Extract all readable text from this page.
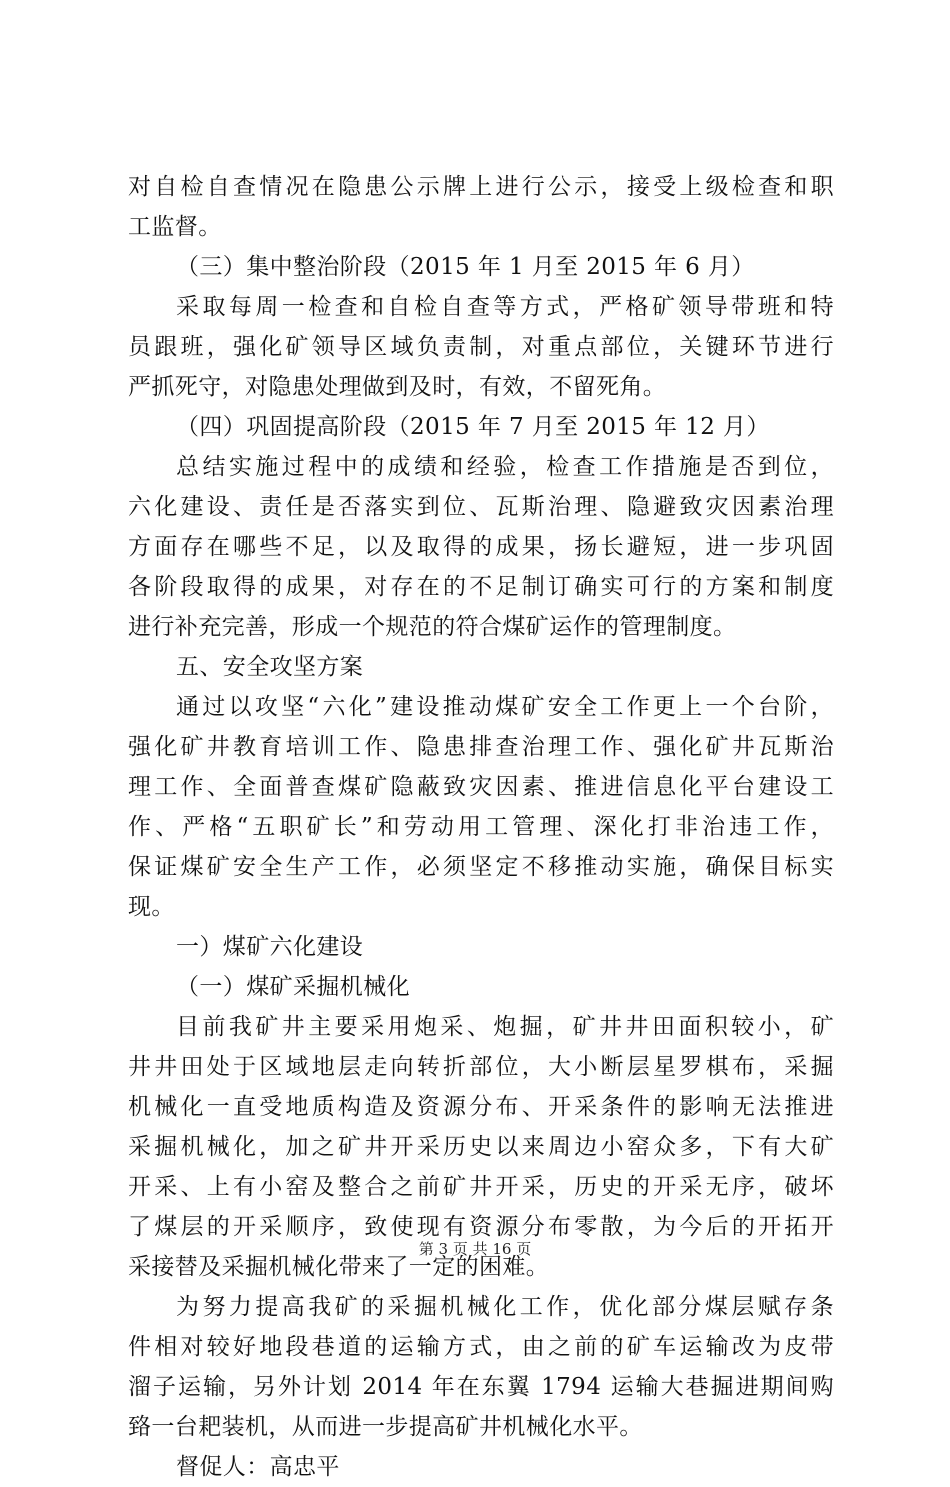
对自检自查情况在隐患公示牌上进行公示，接受上级检查和职
工监督。
（三）集中整治阶段（2015 年 1 月至 2015 年 6 月）
采取每周一检查和自检自查等方式，严格矿领导带班和特
员跟班，强化矿领导区域负责制，对重点部位，关键环节进行
严抓死守，对隐患处理做到及时，有效，不留死角。
（四）巩固提高阶段（2015 年 7 月至 2015 年 12 月）
总结实施过程中的成绩和经验，检查工作措施是否到位，
六化建设、责任是否落实到位、瓦斯治理、隐避致灾因素治理
方面存在哪些不足，以及取得的成果，扬长避短，进一步巩固
各阶段取得的成果，对存在的不足制订确实可行的方案和制度
进行补充完善，形成一个规范的符合煤矿运作的管理制度。
五、安全攻坚方案
通过以攻坚“六化”建设推动煤矿安全工作更上一个台阶，
强化矿井教育培训工作、隐患排查治理工作、强化矿井瓦斯治
理工作、全面普查煤矿隐蔽致灾因素、推进信息化平台建设工
作、严格“五职矿长”和劳动用工管理、深化打非治违工作，
保证煤矿安全生产工作，必须坚定不移推动实施，确保目标实
现。
一）煤矿六化建设
（一）煤矿采掘机械化
目前我矿井主要采用炮采、炮掘，矿井井田面积较小，矿
井井田处于区域地层走向转折部位，大小断层星罗棋布，采掘
机械化一直受地质构造及资源分布、开采条件的影响无法推进
采掘机械化，加之矿井开采历史以来周边小窑众多，下有大矿
开采、上有小窑及整合之前矿井开采，历史的开采无序，破坏
了煤层的开采顺序，致使现有资源分布零散，为今后的开拓开
采接替及采掘机械化带来了一定的困难。
为努力提高我矿的采掘机械化工作，优化部分煤层赋存条
件相对较好地段巷道的运输方式，由之前的矿车运输改为皮带
溜子运输，另外计划 2014 年在东翼 1794 运输大巷掘进期间购
臵一台耙装机，从而进一步提高矿井机械化水平。
督促人：高忠平
第 3 页 共 16 页
